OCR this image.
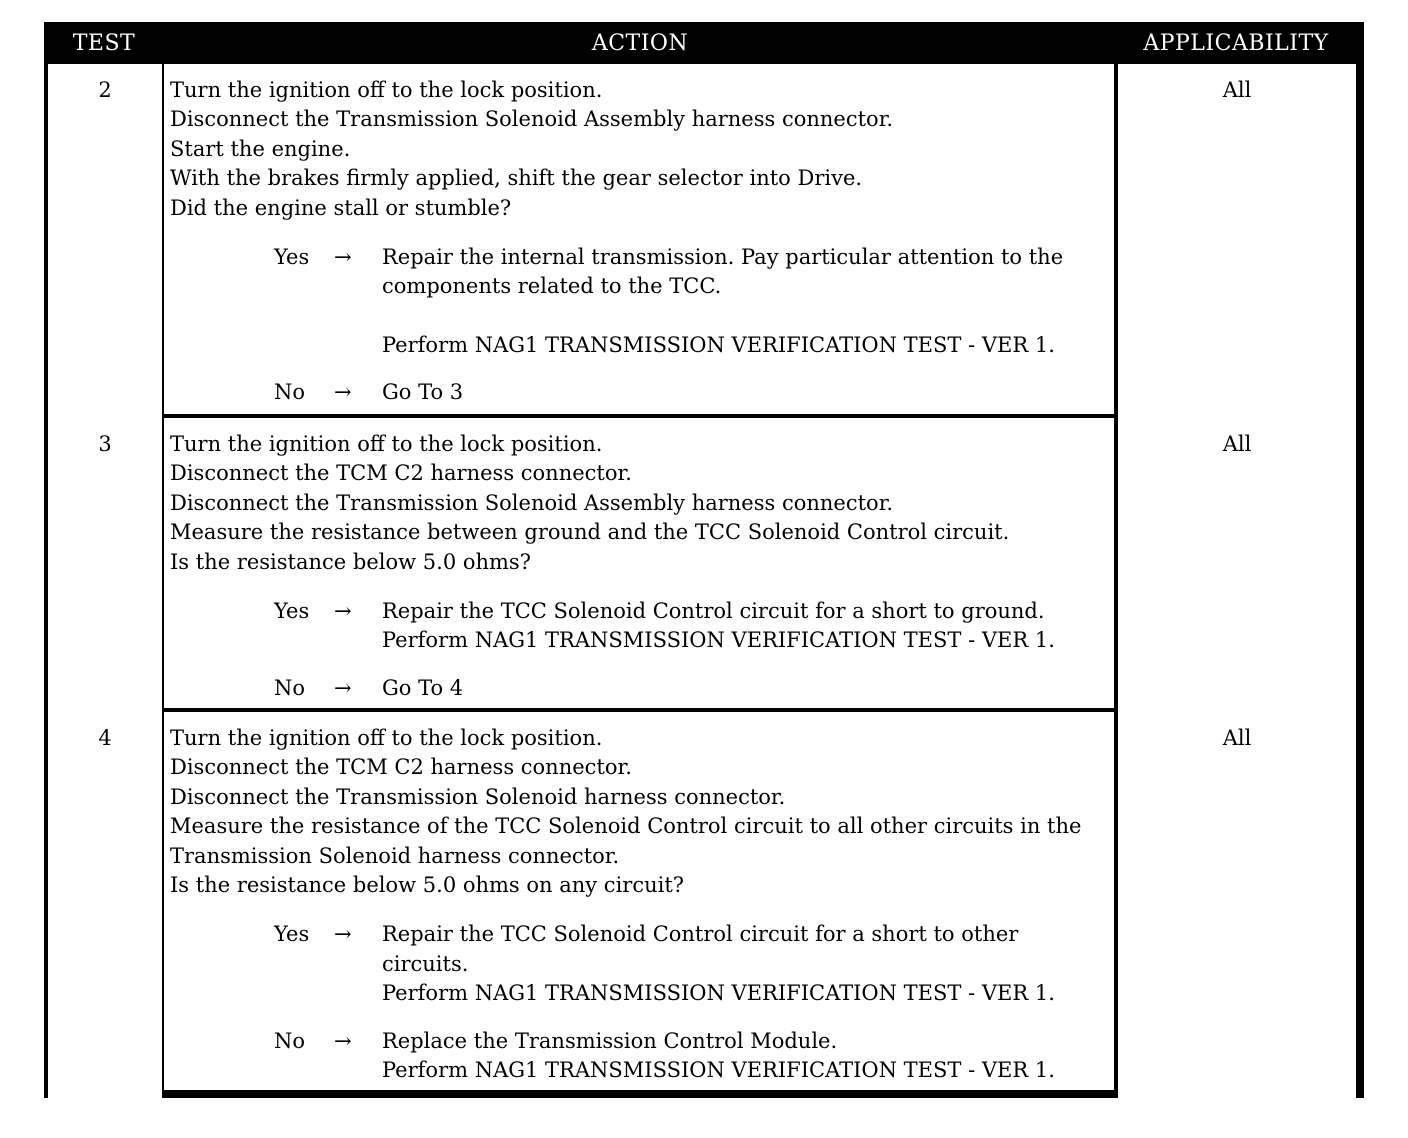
TEST	ACTION	APPLICABILITY
2	Turn the ignition off to the lock position.
Disconnect the Transmission Solenoid Assembly harness connector.
Start the engine.
With the brakes firmly applied, shift the gear selector into Drive.
Did the engine stall or stumble?
Yes → Repair the internal transmission. Pay particular attention to the
components related to the TCC.
Perform NAG1 TRANSMISSION VERIFICATION TEST - VER 1.
No → Go To 3
All
3	Turn the ignition off to the lock position.
Disconnect the TCM C2 harness connector.
Disconnect the Transmission Solenoid Assembly harness connector.
Measure the resistance between ground and the TCC Solenoid Control circuit.
Is the resistance below 5.0 ohms?
Yes → Repair the TCC Solenoid Control circuit for a short to ground.
Perform NAG1 TRANSMISSION VERIFICATION TEST - VER 1.
No → Go To 4
All
4	Turn the ignition off to the lock position.
Disconnect the TCM C2 harness connector.
Disconnect the Transmission Solenoid harness connector.
Measure the resistance of the TCC Solenoid Control circuit to all other circuits in the
Transmission Solenoid harness connector.
Is the resistance below 5.0 ohms on any circuit?
Yes → Repair the TCC Solenoid Control circuit for a short to other
circuits.
Perform NAG1 TRANSMISSION VERIFICATION TEST - VER 1.
No → Replace the Transmission Control Module.
Perform NAG1 TRANSMISSION VERIFICATION TEST - VER 1.
All
